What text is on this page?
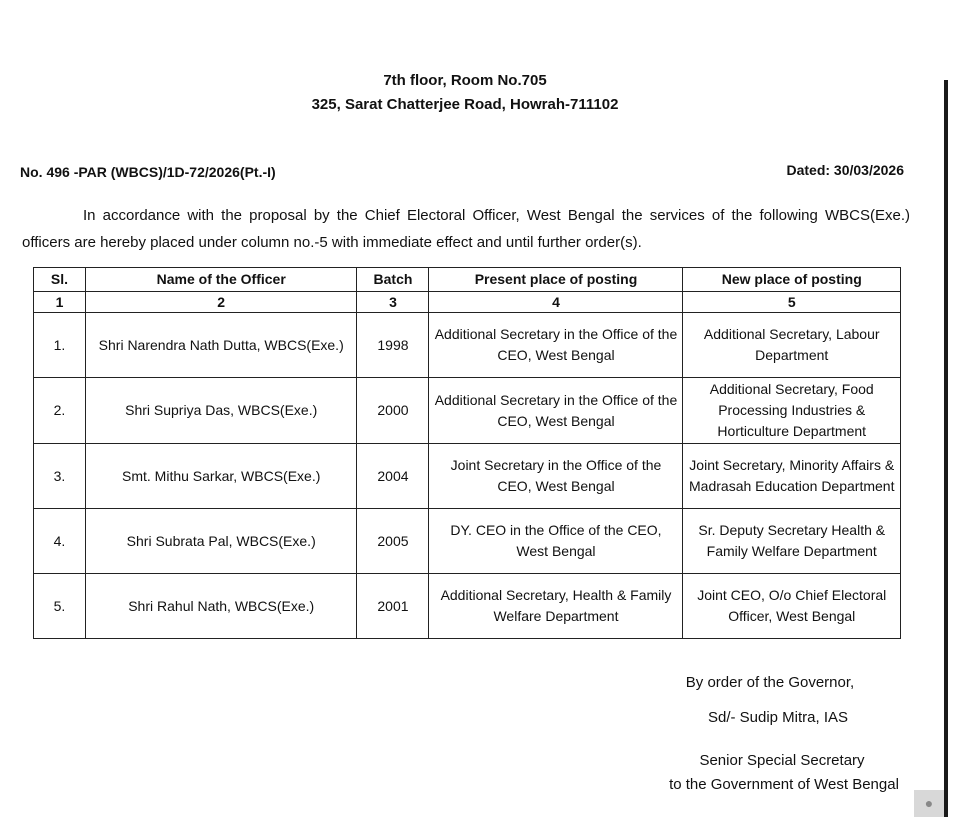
7th floor, Room No.705
325, Sarat Chatterjee Road, Howrah-711102
No. 496 -PAR (WBCS)/1D-72/2026(Pt.-I)	Dated: 30/03/2026
In accordance with the proposal by the Chief Electoral Officer, West Bengal the services of the following WBCS(Exe.) officers are hereby placed under column no.-5 with immediate effect and until further order(s).
Sl.	Name of the Officer	Batch	Present place of posting	New place of posting
1	2	3	4	5
1.	Shri Narendra Nath Dutta, WBCS(Exe.)	1998	Additional Secretary in the Office of the CEO, West Bengal	Additional Secretary, Labour Department
2.	Shri Supriya Das, WBCS(Exe.)	2000	Additional Secretary in the Office of the CEO, West Bengal	Additional Secretary, Food Processing Industries & Horticulture Department
3.	Smt. Mithu Sarkar, WBCS(Exe.)	2004	Joint Secretary in the Office of the CEO, West Bengal	Joint Secretary, Minority Affairs & Madrasah Education Department
4.	Shri Subrata Pal, WBCS(Exe.)	2005	DY. CEO in the Office of the CEO, West Bengal	Sr. Deputy Secretary Health & Family Welfare Department
5.	Shri Rahul Nath, WBCS(Exe.)	2001	Additional Secretary, Health & Family Welfare Department	Joint CEO, O/o Chief Electoral Officer, West Bengal
By order of the Governor,
Sd/- Sudip Mitra, IAS
Senior Special Secretary
to the Government of West Bengal
●
